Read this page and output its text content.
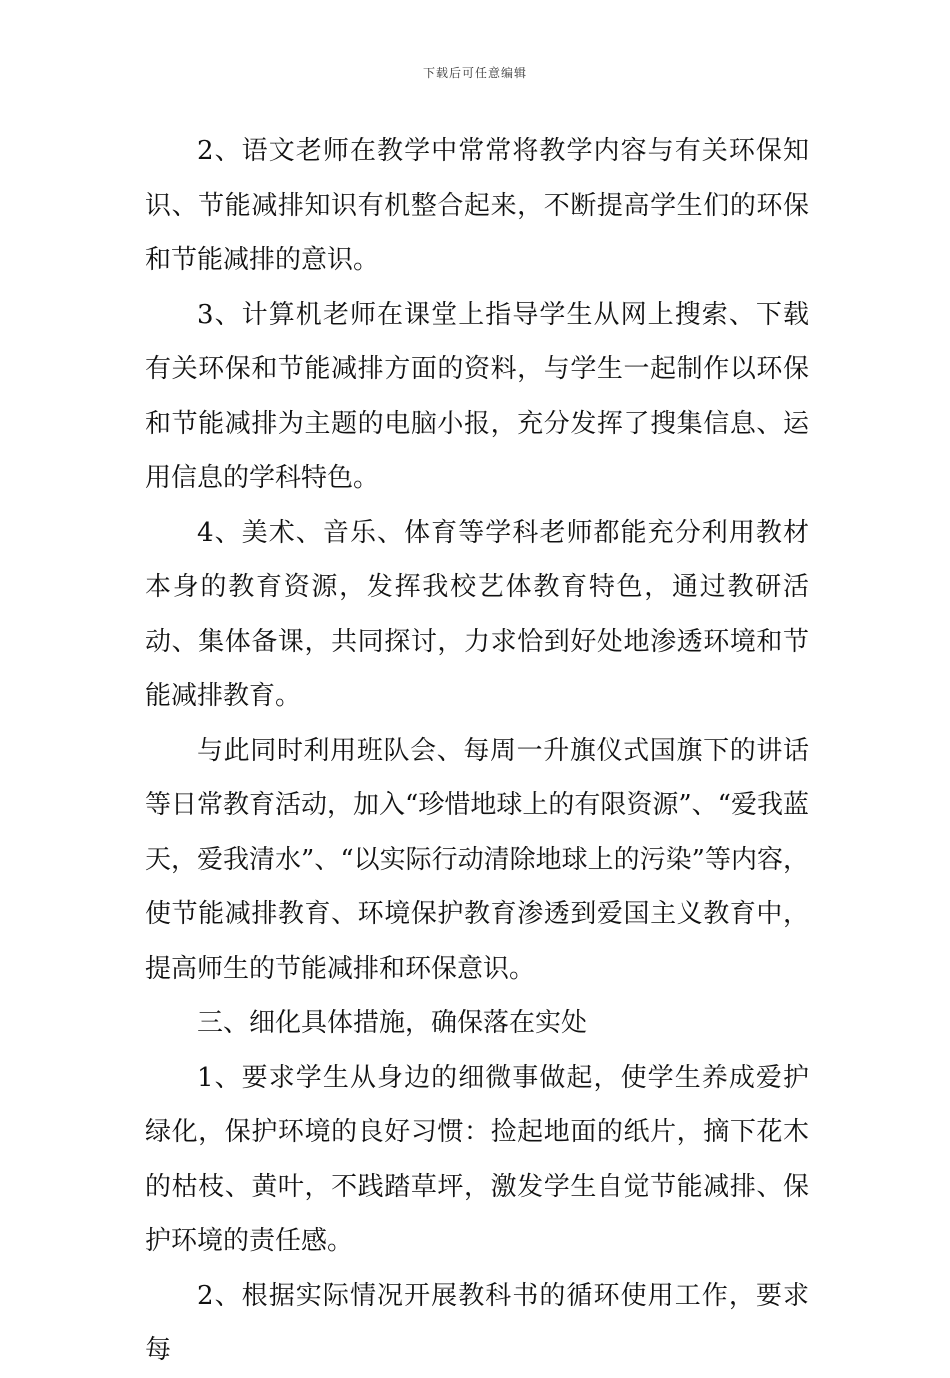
下载后可任意编辑

2、语文老师在教学中常常将教学内容与有关环保知识、节能减排知识有机整合起来，不断提高学生们的环保和节能减排的意识。

3、计算机老师在课堂上指导学生从网上搜索、下载有关环保和节能减排方面的资料，与学生一起制作以环保和节能减排为主题的电脑小报，充分发挥了搜集信息、运用信息的学科特色。

4、美术、音乐、体育等学科老师都能充分利用教材本身的教育资源，发挥我校艺体教育特色，通过教研活动、集体备课，共同探讨，力求恰到好处地渗透环境和节能减排教育。

与此同时利用班队会、每周一升旗仪式国旗下的讲话等日常教育活动，加入“珍惜地球上的有限资源”、“爱我蓝天，爱我清水”、“以实际行动清除地球上的污染”等内容，使节能减排教育、环境保护教育渗透到爱国主义教育中，提高师生的节能减排和环保意识。

三、细化具体措施，确保落在实处

1、要求学生从身边的细微事做起，使学生养成爱护绿化，保护环境的良好习惯：捡起地面的纸片，摘下花木的枯枝、黄叶，不践踏草坪，激发学生自觉节能减排、保护环境的责任感。

2、根据实际情况开展教科书的循环使用工作，要求每
